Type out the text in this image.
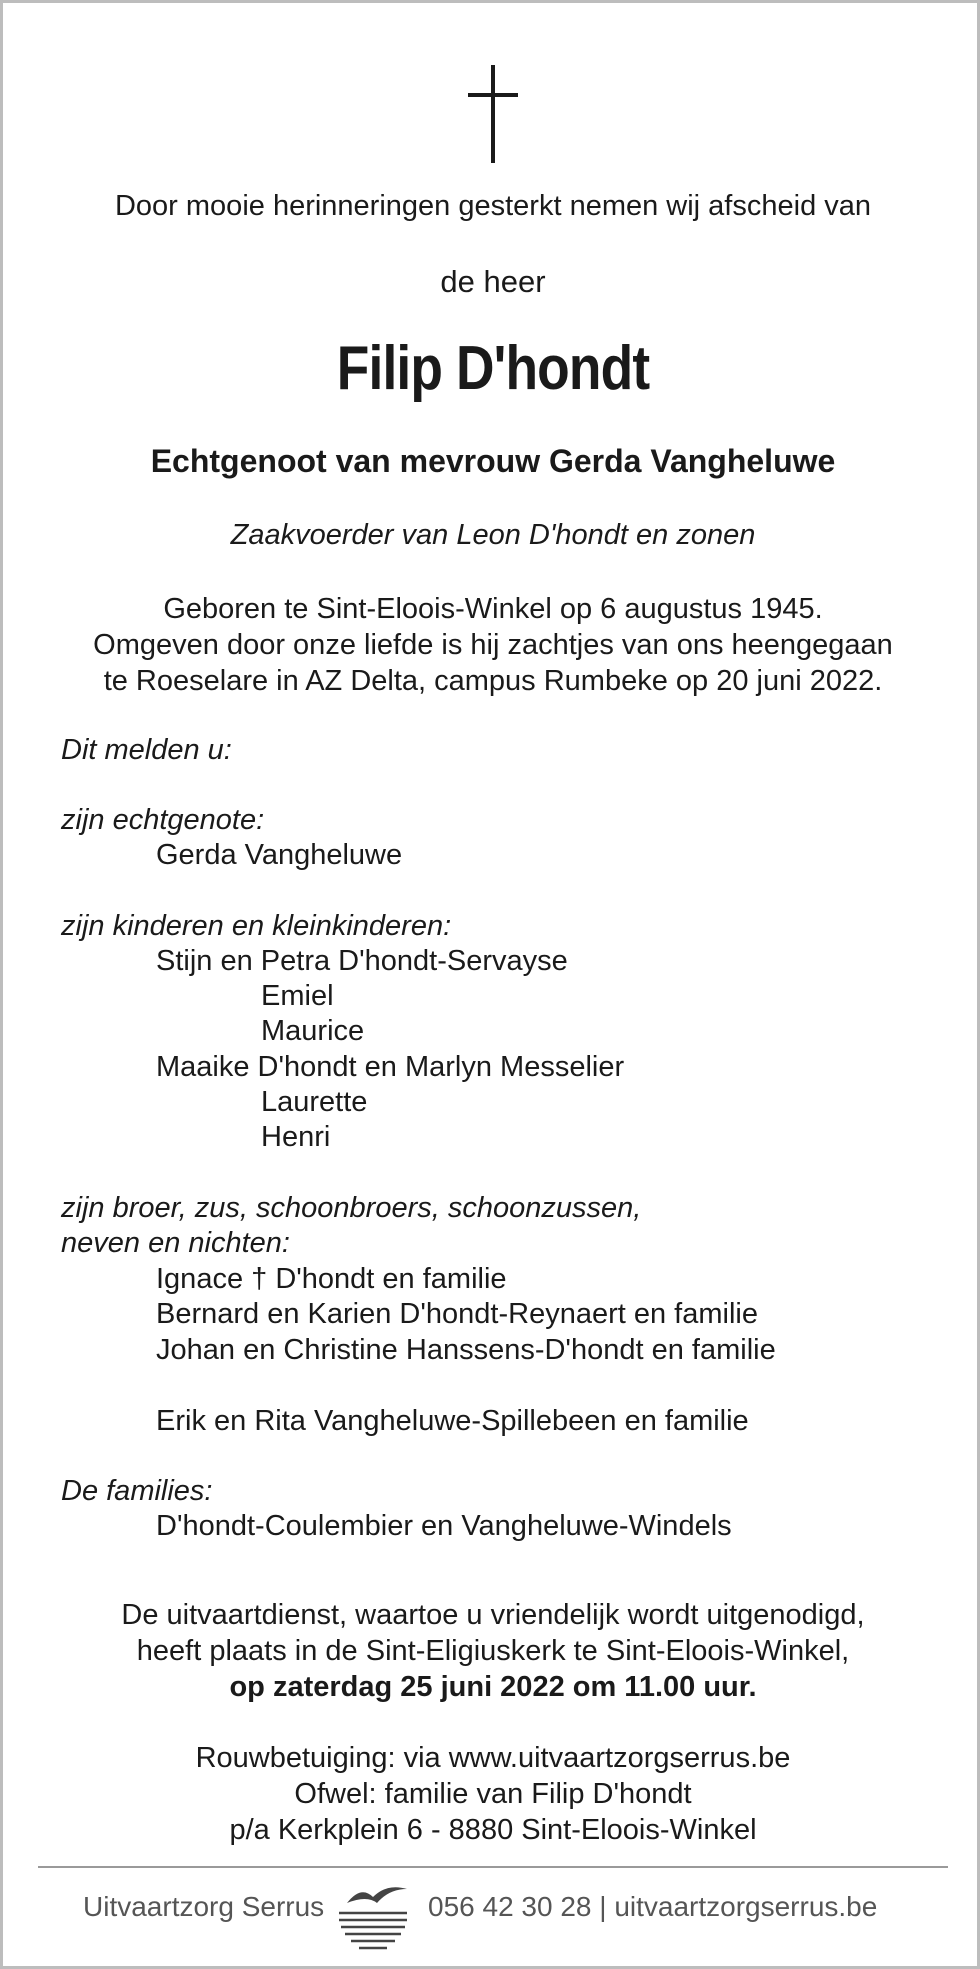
Door mooie herinneringen gesterkt nemen wij afscheid van
de heer
Filip D'hondt
Echtgenoot van mevrouw Gerda Vangheluwe
Zaakvoerder van Leon D'hondt en zonen
Geboren te Sint-Eloois-Winkel op 6 augustus 1945.
Omgeven door onze liefde is hij zachtjes van ons heengegaan
te Roeselare in AZ Delta, campus Rumbeke op 20 juni 2022.
Dit melden u:
zijn echtgenote:
Gerda Vangheluwe
zijn kinderen en kleinkinderen:
Stijn en Petra D'hondt-Servayse
Emiel
Maurice
Maaike D'hondt en Marlyn Messelier
Laurette
Henri
zijn broer, zus, schoonbroers, schoonzussen,
neven en nichten:
Ignace † D'hondt en familie
Bernard en Karien D'hondt-Reynaert en familie
Johan en Christine Hanssens-D'hondt en familie
Erik en Rita Vangheluwe-Spillebeen en familie
De families:
D'hondt-Coulembier en Vangheluwe-Windels
De uitvaartdienst, waartoe u vriendelijk wordt uitgenodigd,
heeft plaats in de Sint-Eligiuskerk te Sint-Eloois-Winkel,
op zaterdag 25 juni 2022 om 11.00 uur.
Rouwbetuiging: via www.uitvaartzorgserrus.be
Ofwel: familie van Filip D'hondt
p/a Kerkplein 6 - 8880 Sint-Eloois-Winkel
Uitvaartzorg Serrus	056 42 30 28 | uitvaartzorgserrus.be
